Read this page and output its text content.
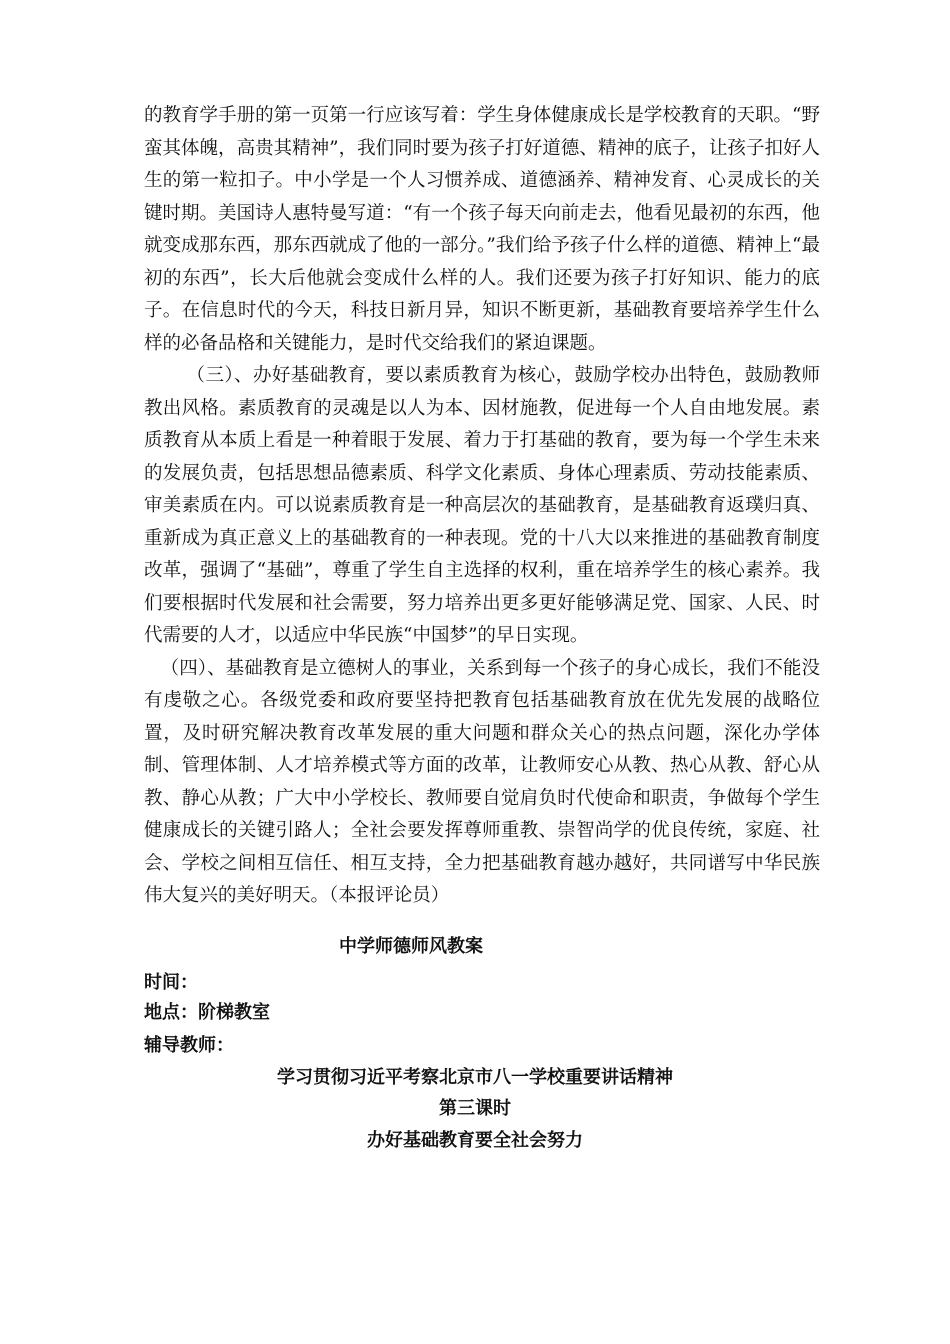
的教育学手册的第一页第一行应该写着：学生身体健康成长是学校教育的天职。“野蛮其体魄，高贵其精神”，我们同时要为孩子打好道德、精神的底子，让孩子扣好人生的第一粒扣子。中小学是一个人习惯养成、道德涵养、精神发育、心灵成长的关键时期。美国诗人惠特曼写道：“有一个孩子每天向前走去，他看见最初的东西，他就变成那东西，那东西就成了他的一部分。”我们给予孩子什么样的道德、精神上“最初的东西”，长大后他就会变成什么样的人。我们还要为孩子打好知识、能力的底子。在信息时代的今天，科技日新月异，知识不断更新，基础教育要培养学生什么样的必备品格和关键能力，是时代交给我们的紧迫课题。

（三）、办好基础教育，要以素质教育为核心，鼓励学校办出特色，鼓励教师教出风格。素质教育的灵魂是以人为本、因材施教，促进每一个人自由地发展。素质教育从本质上看是一种着眼于发展、着力于打基础的教育，要为每一个学生未来的发展负责，包括思想品德素质、科学文化素质、身体心理素质、劳动技能素质、审美素质在内。可以说素质教育是一种高层次的基础教育，是基础教育返璞归真、重新成为真正意义上的基础教育的一种表现。党的十八大以来推进的基础教育制度改革，强调了“基础”，尊重了学生自主选择的权利，重在培养学生的核心素养。我们要根据时代发展和社会需要，努力培养出更多更好能够满足党、国家、人民、时代需要的人才，以适应中华民族“中国梦”的早日实现。

（四）、基础教育是立德树人的事业，关系到每一个孩子的身心成长，我们不能没有虔敬之心。各级党委和政府要坚持把教育包括基础教育放在优先发展的战略位置，及时研究解决教育改革发展的重大问题和群众关心的热点问题，深化办学体制、管理体制、人才培养模式等方面的改革，让教师安心从教、热心从教、舒心从教、静心从教；广大中小学校长、教师要自觉肩负时代使命和职责，争做每个学生健康成长的关键引路人；全社会要发挥尊师重教、崇智尚学的优良传统，家庭、社会、学校之间相互信任、相互支持，全力把基础教育越办越好，共同谱写中华民族伟大复兴的美好明天。（本报评论员）

中学师德师风教案
时间：
地点：阶梯教室
辅导教师：
学习贯彻习近平考察北京市八一学校重要讲话精神
第三课时
办好基础教育要全社会努力
